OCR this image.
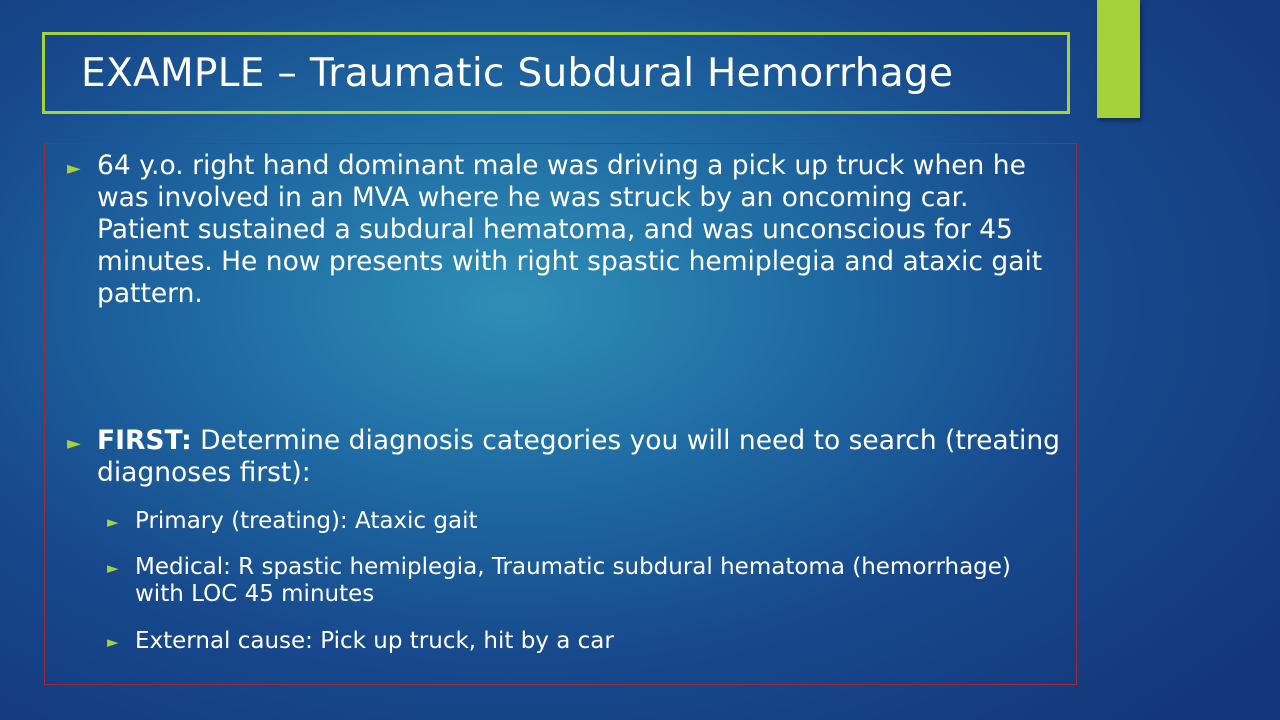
EXAMPLE – Traumatic Subdural Hemorrhage
► 64 y.o. right hand dominant male was driving a pick up truck when he was involved in an MVA where he was struck by an oncoming car. Patient sustained a subdural hematoma, and was unconscious for 45 minutes. He now presents with right spastic hemiplegia and ataxic gait pattern.
► FIRST: Determine diagnosis categories you will need to search (treating diagnoses first):
► Primary (treating): Ataxic gait
► Medical: R spastic hemiplegia, Traumatic subdural hematoma (hemorrhage) with LOC 45 minutes
► External cause: Pick up truck, hit by a car
